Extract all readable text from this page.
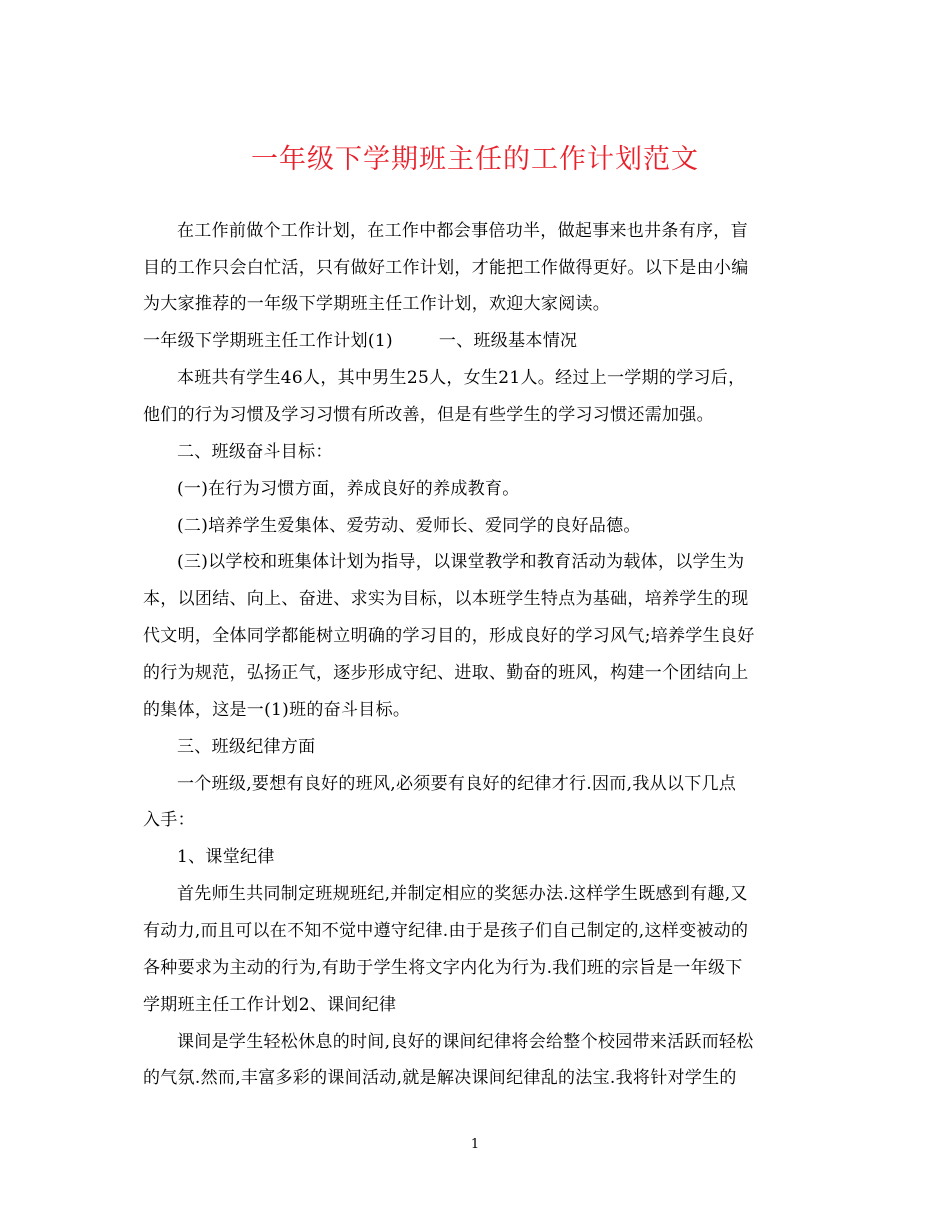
一年级下学期班主任的工作计划范文
在工作前做个工作计划，在工作中都会事倍功半，做起事来也井条有序，盲
目的工作只会白忙活，只有做好工作计划，才能把工作做得更好。以下是由小编
为大家推荐的一年级下学期班主任工作计划，欢迎大家阅读。
一年级下学期班主任工作计划(1)	一、班级基本情况
本班共有学生46人，其中男生25人，女生21人。经过上一学期的学习后，
他们的行为习惯及学习习惯有所改善，但是有些学生的学习习惯还需加强。
二、班级奋斗目标：
(一)在行为习惯方面，养成良好的养成教育。
(二)培养学生爱集体、爱劳动、爱师长、爱同学的良好品德。
(三)以学校和班集体计划为指导，以课堂教学和教育活动为载体，以学生为
本，以团结、向上、奋进、求实为目标，以本班学生特点为基础，培养学生的现
代文明，全体同学都能树立明确的学习目的，形成良好的学习风气;培养学生良好
的行为规范，弘扬正气，逐步形成守纪、进取、勤奋的班风，构建一个团结向上
的集体，这是一(1)班的奋斗目标。
三、班级纪律方面
一个班级,要想有良好的班风,必须要有良好的纪律才行.因而,我从以下几点
入手：
1、课堂纪律
首先师生共同制定班规班纪,并制定相应的奖惩办法.这样学生既感到有趣,又
有动力,而且可以在不知不觉中遵守纪律.由于是孩子们自己制定的,这样变被动的
各种要求为主动的行为,有助于学生将文字内化为行为.我们班的宗旨是一年级下
学期班主任工作计划2、课间纪律
课间是学生轻松休息的时间,良好的课间纪律将会给整个校园带来活跃而轻松
的气氛.然而,丰富多彩的课间活动,就是解决课间纪律乱的法宝.我将针对学生的
1
